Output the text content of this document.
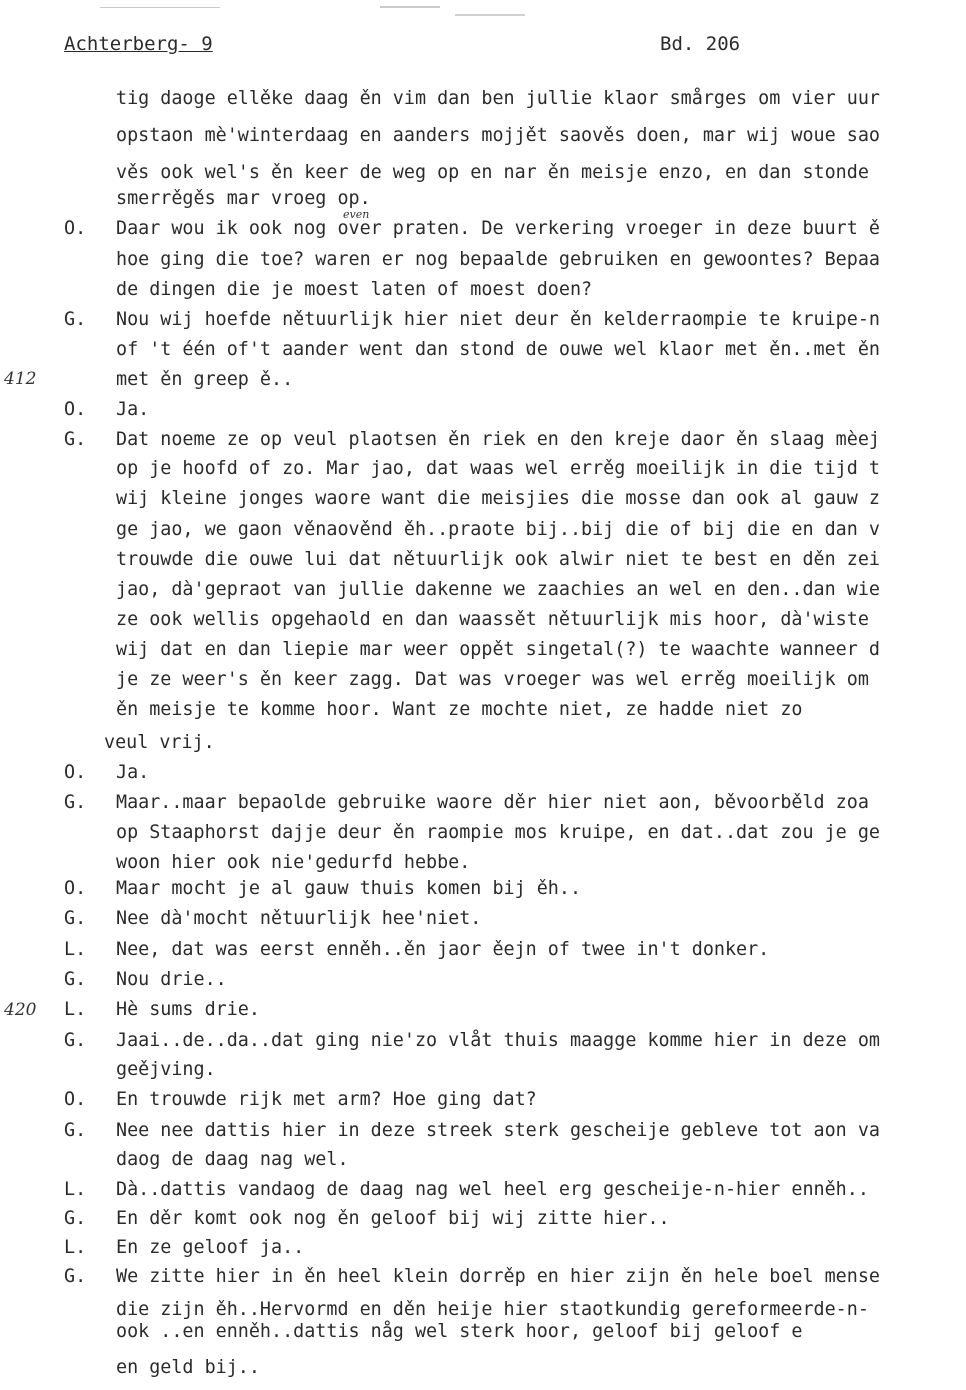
Achterberg- 9	Bd. 206
even
412
420
O.
G.
O.
G.
O.
G.
O.
G.
L.
G.
L.
G.
O.
G.
L.
G.
L.
G.
tig daoge ellěke daag ěn vim dan ben jullie klaor smårges om vier uur
opstaon mè'winterdaag en aanders mojjět saověs doen, mar wij woue sao
věs ook wel's ěn keer de weg op en nar ěn meisje enzo, en dan stonde
smerrěgěs mar vroeg op.
Daar wou ik ook nog over praten. De verkering vroeger in deze buurt ě
hoe ging die toe? waren er nog bepaalde gebruiken en gewoontes? Bepaa
de dingen die je moest laten of moest doen?
Nou wij hoefde nětuurlijk hier niet deur ěn kelderraompie te kruipe-n
of 't één of't aander went dan stond de ouwe wel klaor met ěn..met ěn
met ěn greep ě..
Ja.
Dat noeme ze op veul plaotsen ěn riek en den kreje daor ěn slaag mèej
op je hoofd of zo. Mar jao, dat waas wel errěg moeilijk in die tijd t
wij kleine jonges waore want die meisjies die mosse dan ook al gauw z
ge jao, we gaon věnaověnd ěh..praote bij..bij die of bij die en dan v
trouwde die ouwe lui dat nětuurlijk ook alwir niet te best en děn zei
jao, dà'gepraot van jullie dakenne we zaachies an wel en den..dan wie
ze ook wellis opgehaold en dan waassět nětuurlijk mis hoor, dà'wiste
wij dat en dan liepie mar weer oppět singetal(?) te waachte wanneer d
je ze weer's ěn keer zagg. Dat was vroeger was wel errěg moeilijk om
ěn meisje te komme hoor. Want ze mochte niet, ze hadde niet zo
veul vrij.
Ja.
Maar..maar bepaolde gebruike waore děr hier niet aon, běvoorběld zoa
op Staaphorst dajje deur ěn raompie mos kruipe, en dat..dat zou je ge
woon hier ook nie'gedurfd hebbe.
Maar mocht je al gauw thuis komen bij ěh..
Nee dà'mocht nětuurlijk hee'niet.
Nee, dat was eerst enněh..ěn jaor ěejn of twee in't donker.
Nou drie..
Hè sums drie.
Jaai..de..da..dat ging nie'zo vlåt thuis maagge komme hier in deze om
geějving.
En trouwde rijk met arm? Hoe ging dat?
Nee nee dattis hier in deze streek sterk gescheije gebleve tot aon va
daog de daag nag wel.
Dà..dattis vandaog de daag nag wel heel erg gescheije-n-hier enněh..
En děr komt ook nog ěn geloof bij wij zitte hier..
En ze geloof ja..
We zitte hier in ěn heel klein dorrěp en hier zijn ěn hele boel mense
die zijn ěh..Hervormd en děn heije hier staotkundig gereformeerde-n-
ook ..en enněh..dattis någ wel sterk hoor, geloof bij geloof e
en geld bij..
